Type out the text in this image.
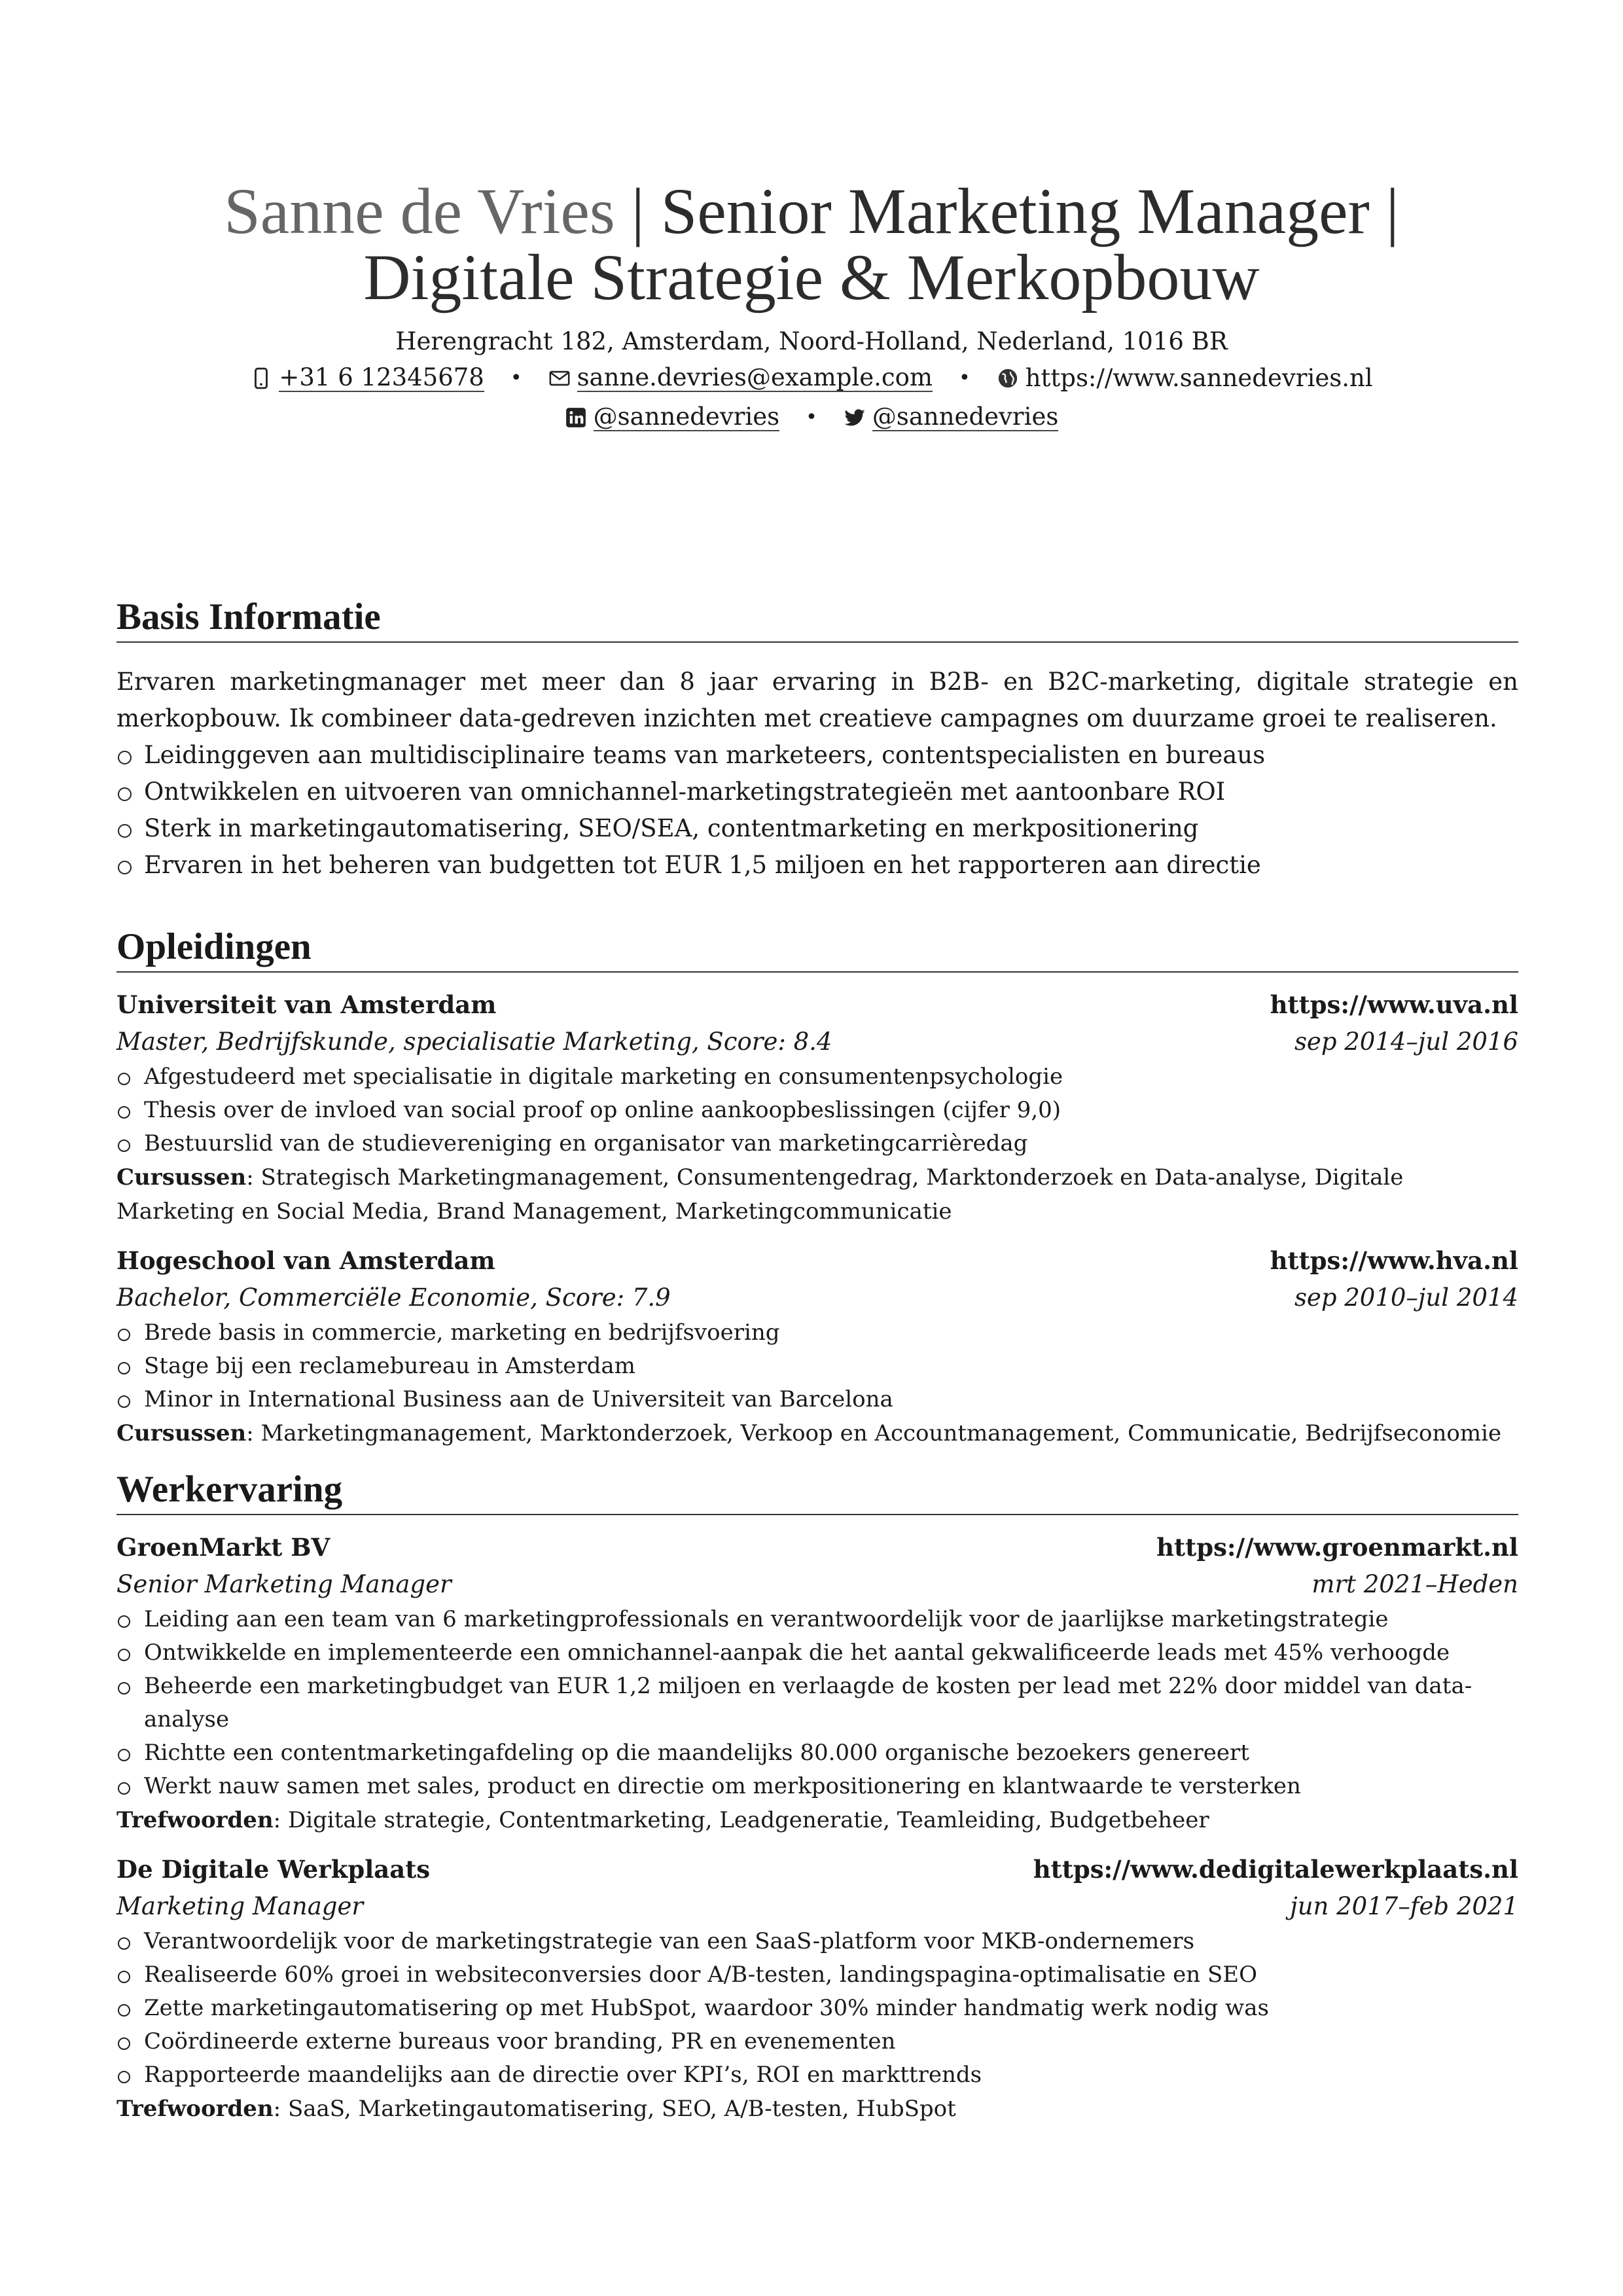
Sanne de Vries | Senior Marketing Manager | Digitale Strategie & Merkopbouw
Herengracht 182, Amsterdam, Noord-Holland, Nederland, 1016 BR
+31 6 12345678 • sanne.devries@example.com • https://www.sannedevries.nl
@sannedevries • @sannedevries
Basis Informatie

Ervaren marketingmanager met meer dan 8 jaar ervaring in B2B- en B2C-marketing, digitale strategie en merkopbouw. Ik combineer data-gedreven inzichten met creatieve campagnes om duurzame groei te realiseren.

Leidinggeven aan multidisciplinaire teams van marketeers, contentspecialisten en bureaus
Ontwikkelen en uitvoeren van omnichannel-marketingstrategieën met aantoonbare ROI
Sterk in marketingautomatisering, SEO/SEA, contentmarketing en merkpositionering
Ervaren in het beheren van budgetten tot EUR 1,5 miljoen en het rapporteren aan directie
Opleidingen
Universiteit van Amsterdam	https://www.uva.nl
Master, Bedrijfskunde, specialisatie Marketing, Score: 8.4	sep 2014–jul 2016
Afgestudeerd met specialisatie in digitale marketing en consumentenpsychologie
Thesis over de invloed van social proof op online aankoopbeslissingen (cijfer 9,0)
Bestuurslid van de studievereniging en organisator van marketingcarrièredag
Cursussen: Strategisch Marketingmanagement, Consumentengedrag, Marktonderzoek en Data-analyse, Digitale Marketing en Social Media, Brand Management, Marketingcommunicatie
Hogeschool van Amsterdam	https://www.hva.nl
Bachelor, Commerciële Economie, Score: 7.9	sep 2010–jul 2014
Brede basis in commercie, marketing en bedrijfsvoering
Stage bij een reclamebureau in Amsterdam
Minor in International Business aan de Universiteit van Barcelona
Cursussen: Marketingmanagement, Marktonderzoek, Verkoop en Accountmanagement, Communicatie, Bedrijfseconomie
Werkervaring
GroenMarkt BV	https://www.groenmarkt.nl
Senior Marketing Manager	mrt 2021–Heden
Leiding aan een team van 6 marketingprofessionals en verantwoordelijk voor de jaarlijkse marketingstrategie
Ontwikkelde en implementeerde een omnichannel-aanpak die het aantal gekwalificeerde leads met 45% verhoogde
Beheerde een marketingbudget van EUR 1,2 miljoen en verlaagde de kosten per lead met 22% door middel van data-analyse
Richtte een contentmarketingafdeling op die maandelijks 80.000 organische bezoekers genereert
Werkt nauw samen met sales, product en directie om merkpositionering en klantwaarde te versterken
Trefwoorden: Digitale strategie, Contentmarketing, Leadgeneratie, Teamleiding, Budgetbeheer
De Digitale Werkplaats	https://www.dedigitalewerkplaats.nl
Marketing Manager	jun 2017–feb 2021
Verantwoordelijk voor de marketingstrategie van een SaaS-platform voor MKB-ondernemers
Realiseerde 60% groei in websiteconversies door A/B-testen, landingspagina-optimalisatie en SEO
Zette marketingautomatisering op met HubSpot, waardoor 30% minder handmatig werk nodig was
Coördineerde externe bureaus voor branding, PR en evenementen
Rapporteerde maandelijks aan de directie over KPI’s, ROI en markttrends
Trefwoorden: SaaS, Marketingautomatisering, SEO, A/B-testen, HubSpot
